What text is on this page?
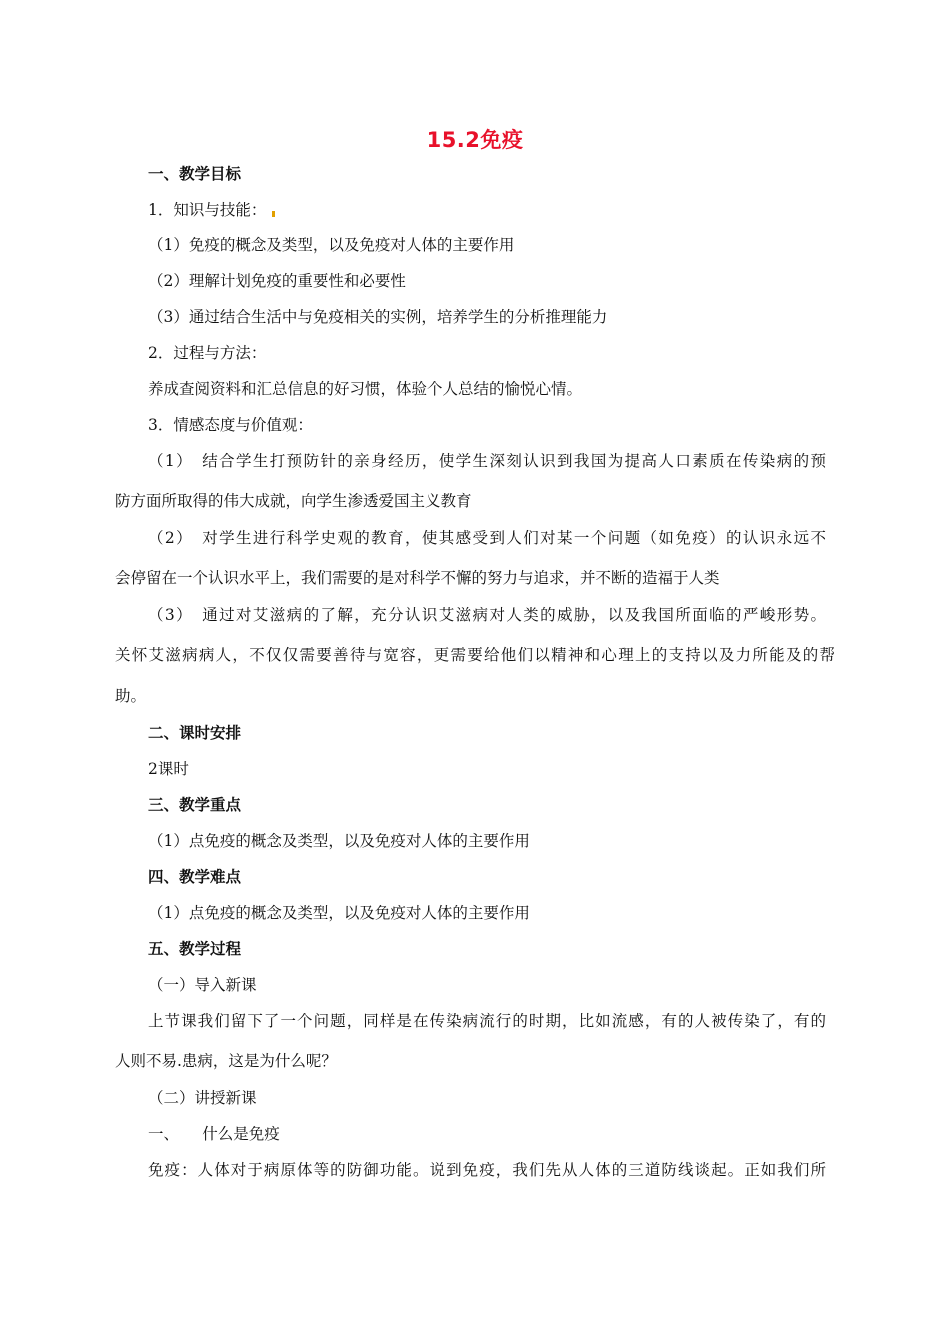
15.2免疫
一、教学目标
1．知识与技能：
（1）免疫的概念及类型，以及免疫对人体的主要作用
（2）理解计划免疫的重要性和必要性
（3）通过结合生活中与免疫相关的实例，培养学生的分析推理能力
2．过程与方法：
养成查阅资料和汇总信息的好习惯，体验个人总结的愉悦心情。
3．情感态度与价值观：
（1）　结合学生打预防针的亲身经历，使学生深刻认识到我国为提高人口素质在传染病的预
防方面所取得的伟大成就，向学生渗透爱国主义教育
（2）　对学生进行科学史观的教育，使其感受到人们对某一个问题（如免疫）的认识永远不
会停留在一个认识水平上，我们需要的是对科学不懈的努力与追求，并不断的造福于人类
（3）　通过对艾滋病的了解，充分认识艾滋病对人类的威胁，以及我国所面临的严峻形势。
关怀艾滋病病人，不仅仅需要善待与宽容，更需要给他们以精神和心理上的支持以及力所能及的帮
助。
二、课时安排
2课时
三、教学重点
（1）点免疫的概念及类型，以及免疫对人体的主要作用
四、教学难点
（1）点免疫的概念及类型，以及免疫对人体的主要作用
五、教学过程
（一）导入新课
上节课我们留下了一个问题，同样是在传染病流行的时期，比如流感，有的人被传染了，有的
人则不易.患病，这是为什么呢？
（二）讲授新课
一、　　什么是免疫
免疫：人体对于病原体等的防御功能。说到免疫，我们先从人体的三道防线谈起。正如我们所
